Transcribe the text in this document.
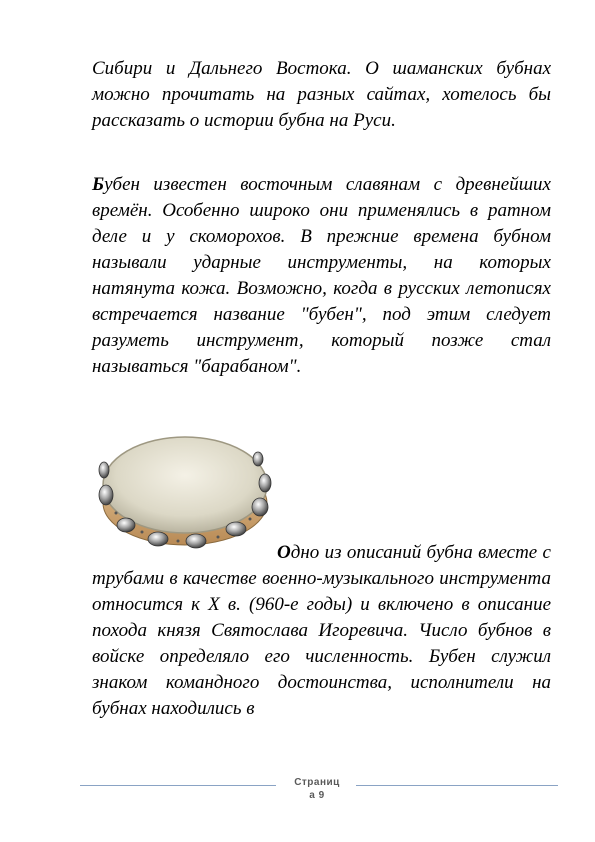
Сибири и Дальнего Востока. О шаманских бубнах можно прочитать на разных сайтах, хотелось бы рассказать о истории бубна на Руси.

Бубен известен восточным славянам с древнейших времён. Особенно широко они применялись в ратном деле и у скоморохов. В прежние времена бубном называли ударные инструменты, на которых натянута кожа. Возможно, когда в русских летописях встречается название "бубен", под этим следует разуметь инструмент, который позже стал называться "барабаном".

Одно из описаний бубна вместе с трубами в качестве военно-музыкального инструмента относится к Х в. (960-е годы) и включено в описание похода князя Святослава Игоревича. Число бубнов в войске определяло его численность. Бубен служил знаком командного достоинства, исполнители на бубнах находились в

Страниц
а 9
